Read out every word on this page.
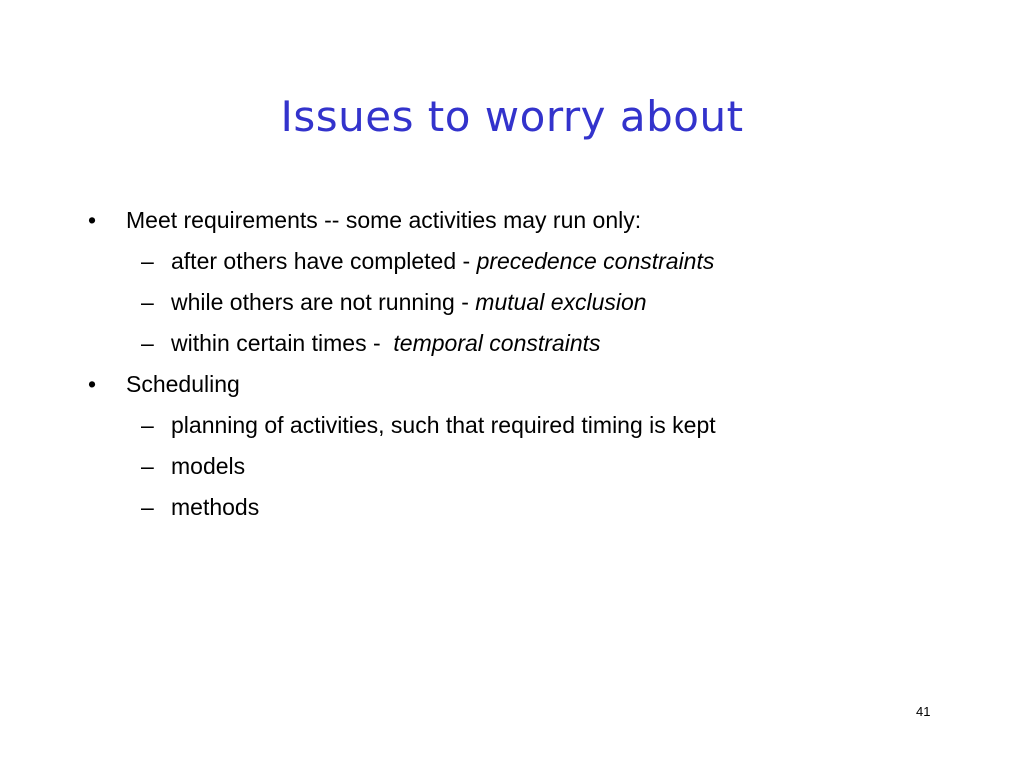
Issues to worry about
• Meet requirements -- some activities may run only:
– after others have completed - precedence constraints
– while others are not running - mutual exclusion
– within certain times -  temporal constraints
• Scheduling
– planning of activities, such that required timing is kept
– models
– methods
41
